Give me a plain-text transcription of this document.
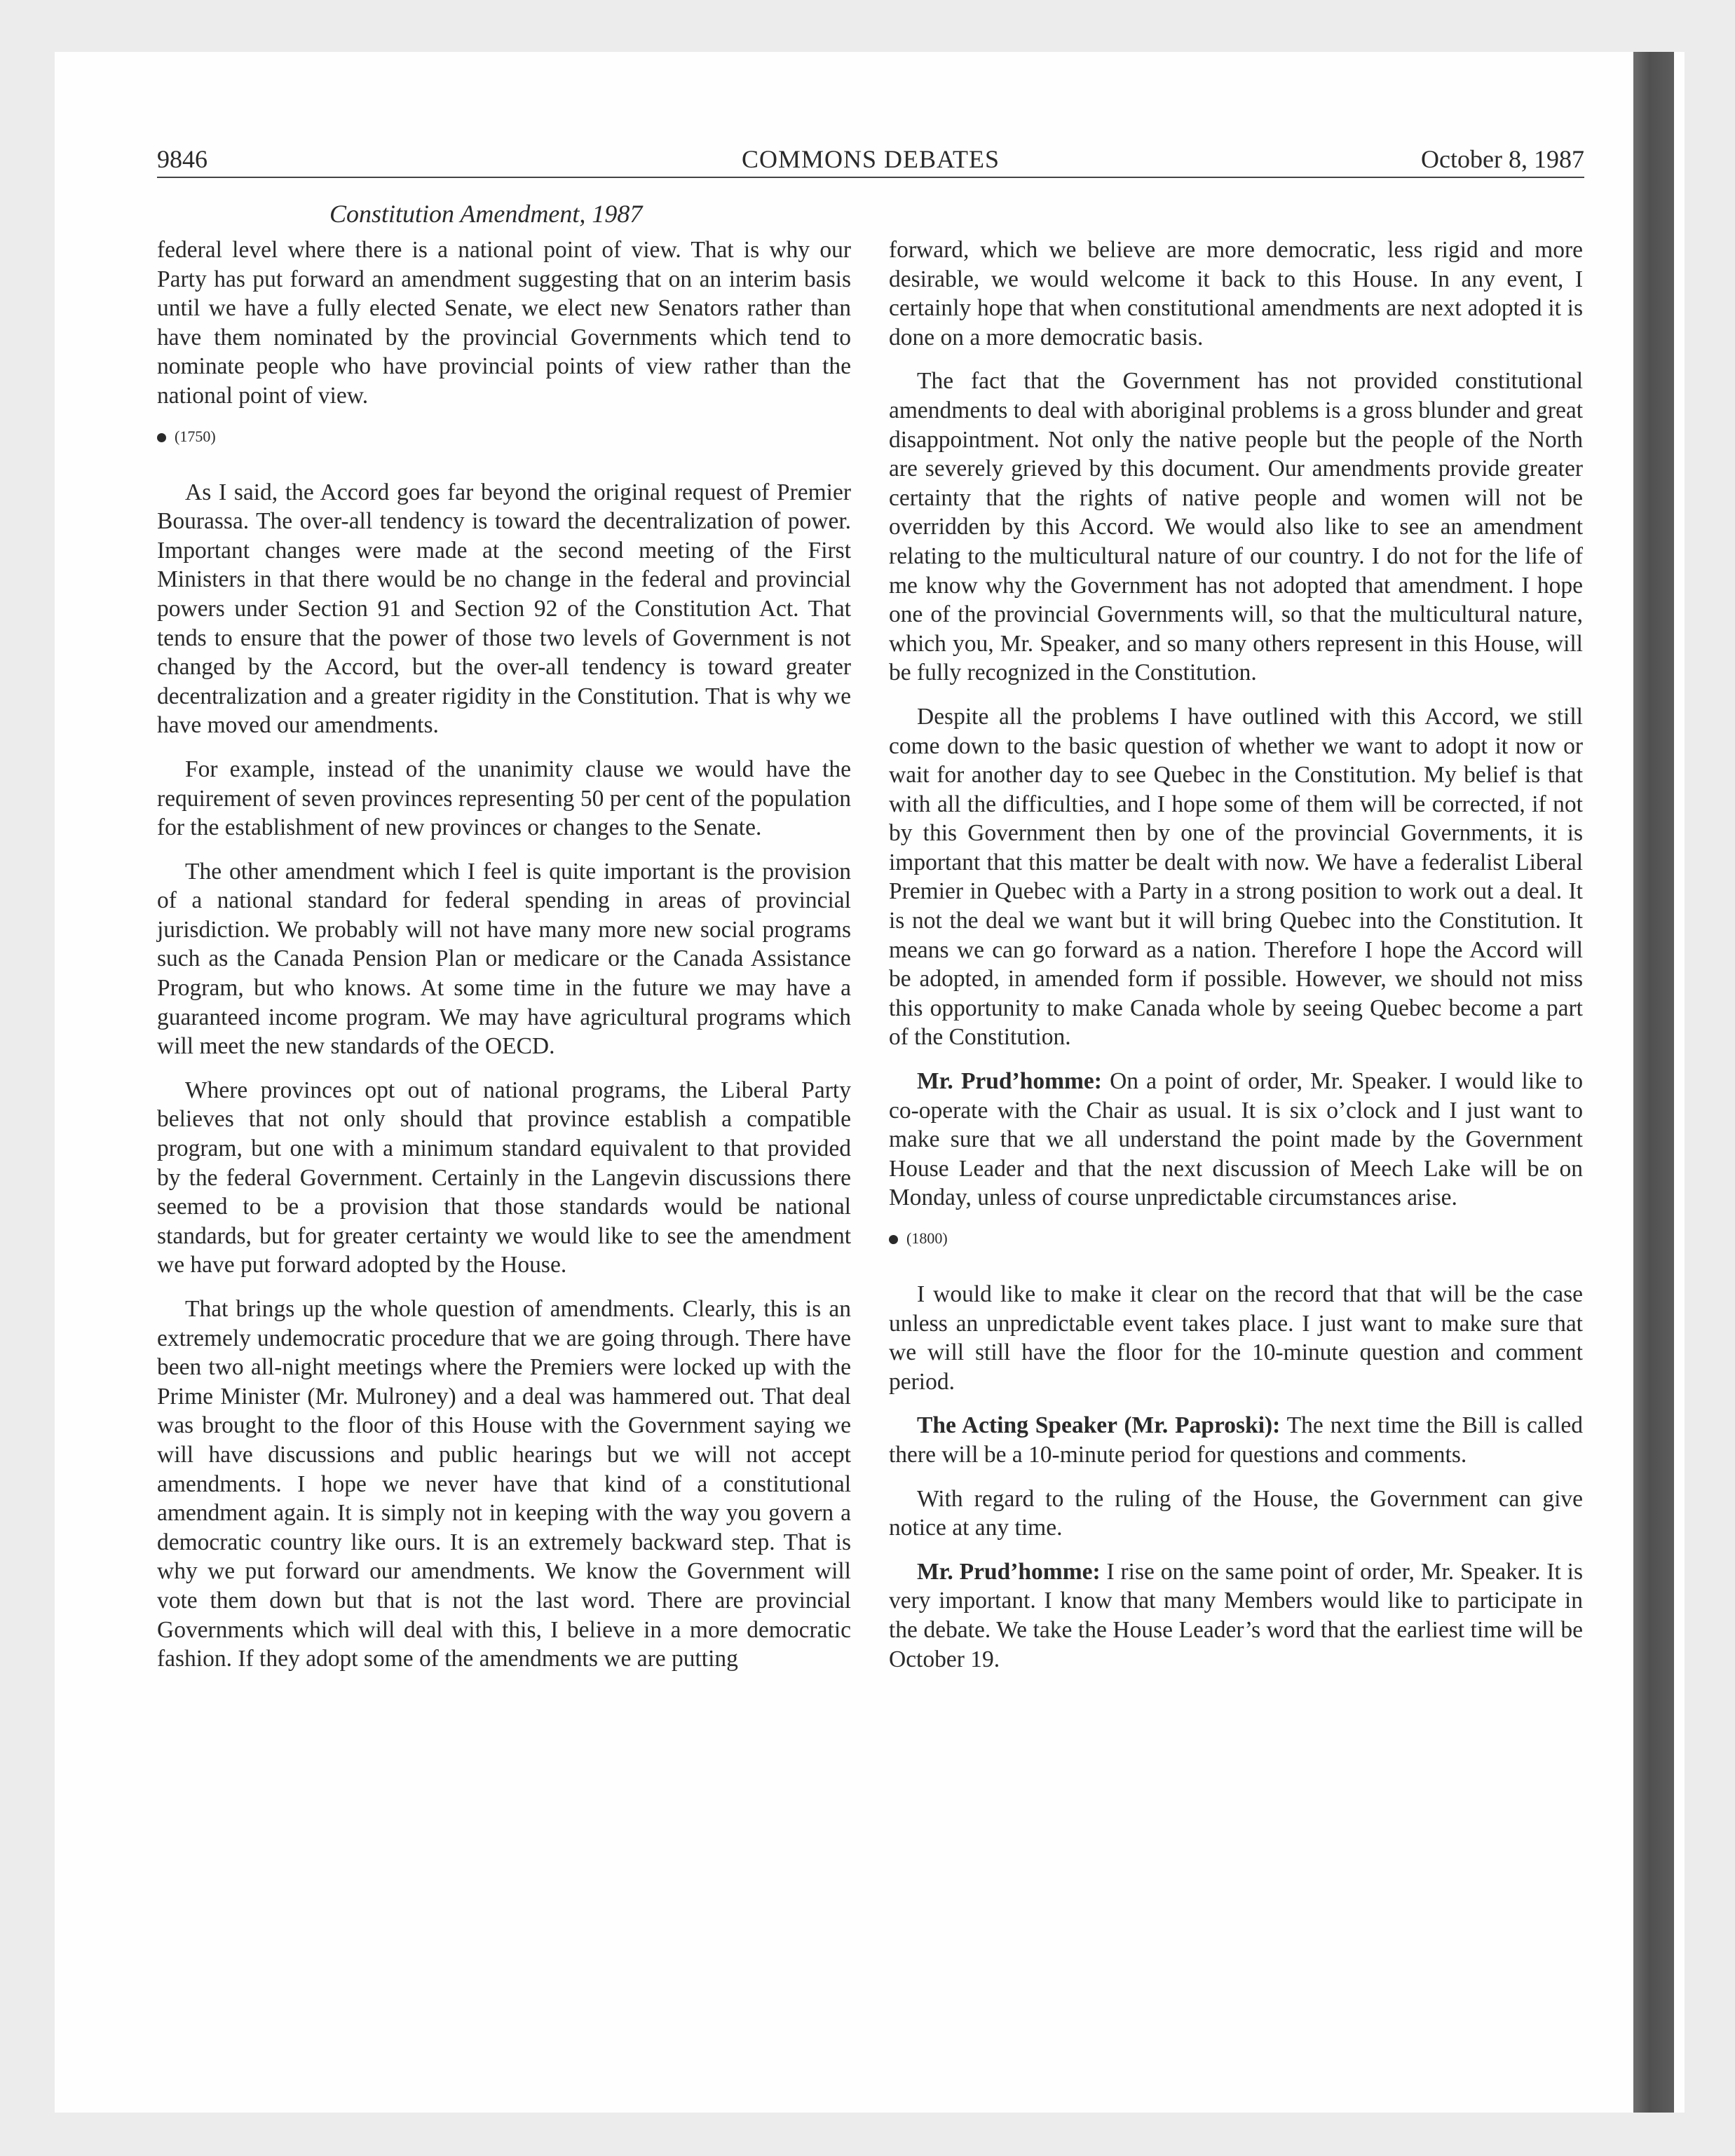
9846	COMMONS DEBATES	October 8, 1987
Constitution Amendment, 1987

federal level where there is a national point of view. That is why our Party has put forward an amendment suggesting that on an interim basis until we have a fully elected Senate, we elect new Senators rather than have them nominated by the provincial Governments which tend to nominate people who have provincial points of view rather than the national point of view.

(1750)

As I said, the Accord goes far beyond the original request of Premier Bourassa. The over-all tendency is toward the decentralization of power. Important changes were made at the second meeting of the First Ministers in that there would be no change in the federal and provincial powers under Section 91 and Section 92 of the Constitution Act. That tends to ensure that the power of those two levels of Government is not changed by the Accord, but the over-all tendency is toward greater decentralization and a greater rigidity in the Constitution. That is why we have moved our amendments.

For example, instead of the unanimity clause we would have the requirement of seven provinces representing 50 per cent of the population for the establishment of new provinces or changes to the Senate.

The other amendment which I feel is quite important is the provision of a national standard for federal spending in areas of provincial jurisdiction. We probably will not have many more new social programs such as the Canada Pension Plan or medicare or the Canada Assistance Program, but who knows. At some time in the future we may have a guaranteed income program. We may have agricultural programs which will meet the new standards of the OECD.

Where provinces opt out of national programs, the Liberal Party believes that not only should that province establish a compatible program, but one with a minimum standard equivalent to that provided by the federal Government. Certainly in the Langevin discussions there seemed to be a provision that those standards would be national standards, but for greater certainty we would like to see the amendment we have put forward adopted by the House.

That brings up the whole question of amendments. Clearly, this is an extremely undemocratic procedure that we are going through. There have been two all-night meetings where the Premiers were locked up with the Prime Minister (Mr. Mulroney) and a deal was hammered out. That deal was brought to the floor of this House with the Government saying we will have discussions and public hearings but we will not accept amendments. I hope we never have that kind of a constitutional amendment again. It is simply not in keeping with the way you govern a democratic country like ours. It is an extremely backward step. That is why we put forward our amendments. We know the Government will vote them down but that is not the last word. There are provincial Governments which will deal with this, I believe in a more democratic fashion. If they adopt some of the amendments we are putting

forward, which we believe are more democratic, less rigid and more desirable, we would welcome it back to this House. In any event, I certainly hope that when constitutional amendments are next adopted it is done on a more democratic basis.

The fact that the Government has not provided constitutional amendments to deal with aboriginal problems is a gross blunder and great disappointment. Not only the native people but the people of the North are severely grieved by this document. Our amendments provide greater certainty that the rights of native people and women will not be overridden by this Accord. We would also like to see an amendment relating to the multicultural nature of our country. I do not for the life of me know why the Government has not adopted that amendment. I hope one of the provincial Governments will, so that the multicultural nature, which you, Mr. Speaker, and so many others represent in this House, will be fully recognized in the Constitution.

Despite all the problems I have outlined with this Accord, we still come down to the basic question of whether we want to adopt it now or wait for another day to see Quebec in the Constitution. My belief is that with all the difficulties, and I hope some of them will be corrected, if not by this Government then by one of the provincial Governments, it is important that this matter be dealt with now. We have a federalist Liberal Premier in Quebec with a Party in a strong position to work out a deal. It is not the deal we want but it will bring Quebec into the Constitution. It means we can go forward as a nation. Therefore I hope the Accord will be adopted, in amended form if possible. However, we should not miss this opportunity to make Canada whole by seeing Quebec become a part of the Constitution.

Mr. Prud’homme: On a point of order, Mr. Speaker. I would like to co-operate with the Chair as usual. It is six o’clock and I just want to make sure that we all understand the point made by the Government House Leader and that the next discussion of Meech Lake will be on Monday, unless of course unpredictable circumstances arise.

(1800)

I would like to make it clear on the record that that will be the case unless an unpredictable event takes place. I just want to make sure that we will still have the floor for the 10-minute question and comment period.

The Acting Speaker (Mr. Paproski): The next time the Bill is called there will be a 10-minute period for questions and comments.

With regard to the ruling of the House, the Government can give notice at any time.

Mr. Prud’homme: I rise on the same point of order, Mr. Speaker. It is very important. I know that many Members would like to participate in the debate. We take the House Leader’s word that the earliest time will be October 19.
